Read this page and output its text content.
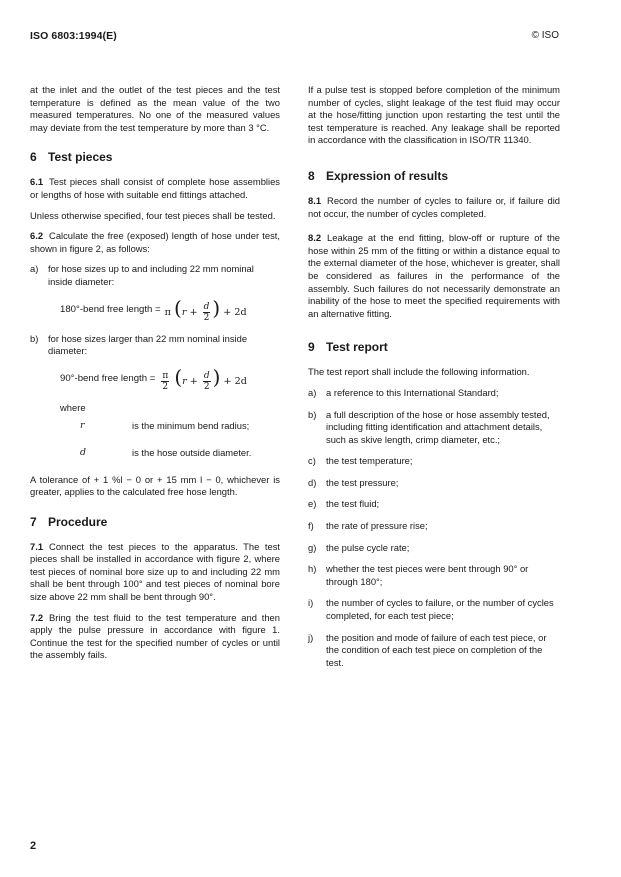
ISO 6803:1994(E)	© ISO

at the inlet and the outlet of the test pieces and the test temperature is defined as the mean value of the two measured temperatures. No one of the measured values may deviate from the test temperature by more than 3 °C.

6 Test pieces

6.1 Test pieces shall consist of complete hose assemblies or lengths of hose with suitable end fittings attached.

Unless otherwise specified, four test pieces shall be tested.

6.2 Calculate the free (exposed) length of hose under test, shown in figure 2, as follows:

a)	for hose sizes up to and including 22 mm nominal inside diameter:
180°-bend free length = π ($r + \frac{d}{2}$ ) + 2d
b)	for hose sizes larger than 22 mm nominal inside diameter:
90°-bend free length = $\frac{\pi}{2} (r + \frac{d}{2}$ ) + 2d
where
r	is the minimum bend radius;
d	is the hose outside diameter.

A tolerance of + 1 %l − 0 or + 15 mm l − 0, whichever is greater, applies to the calculated free hose length.

7 Procedure

7.1 Connect the test pieces to the apparatus. The test pieces shall be installed in accordance with figure 2, where test pieces of nominal bore size up to and including 22 mm shall be bent through 100° and test pieces of nominal bore size above 22 mm shall be bent through 90°.

7.2 Bring the test fluid to the test temperature and then apply the pulse pressure in accordance with figure 1. Continue the test for the specified number of cycles or until the assembly fails.

If a pulse test is stopped before completion of the minimum number of cycles, slight leakage of the test fluid may occur at the hose/fitting junction upon restarting the test until the test temperature is reached. Any leakage shall be reported in accordance with the classification in ISO/TR 11340.

8 Expression of results

8.1 Record the number of cycles to failure or, if failure did not occur, the number of cycles completed.

8.2 Leakage at the end fitting, blow-off or rupture of the hose within 25 mm of the fitting or within a distance equal to the external diameter of the hose, whichever is greater, shall be considered as failures in the performance of the assembly. Such failures do not necessarily demonstrate an inability of the hose to meet the specified requirements with an alternative fitting.

9 Test report

The test report shall include the following information.

a)	a reference to this International Standard;
b)	a full description of the hose or hose assembly tested, including fitting identification and attachment details, such as skive length, crimp diameter, etc.;
c)	the test temperature;
d)	the test pressure;
e)	the test fluid;
f)	the rate of pressure rise;
g)	the pulse cycle rate;
h)	whether the test pieces were bent through 90° or through 180°;
i)	the number of cycles to failure, or the number of cycles completed, for each test piece;
j)	the position and mode of failure of each test piece, or the condition of each test piece on completion of the test.
2
